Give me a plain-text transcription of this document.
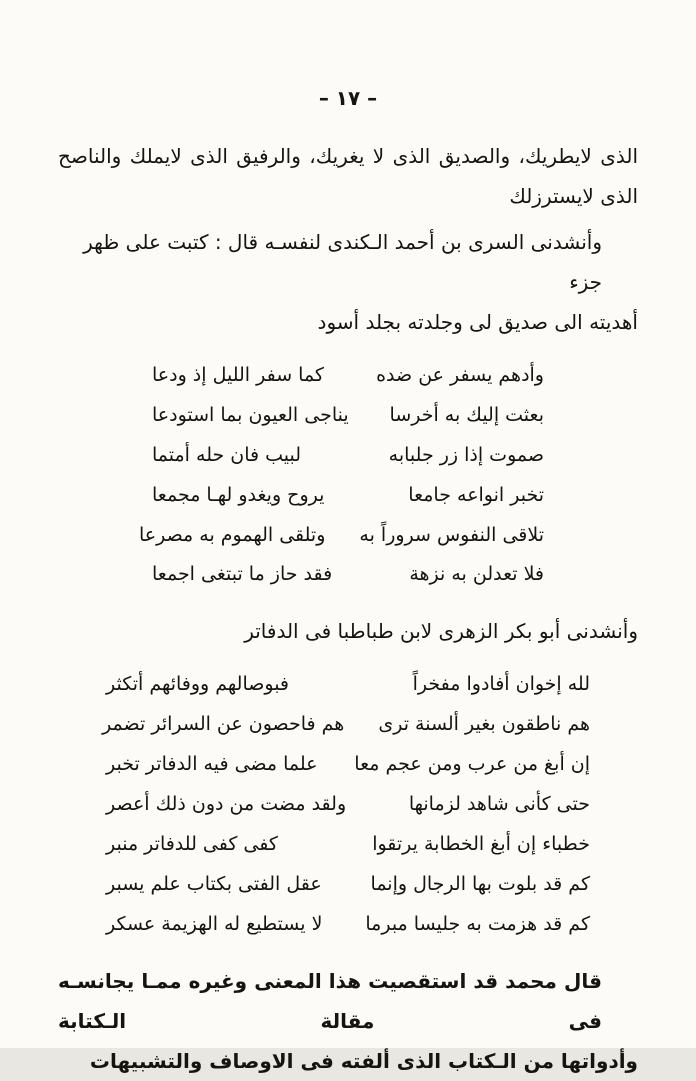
– ١٧ –
الذى لايطريك، والصديق الذى لا يغريك، والرفيق الذى لايملك والناصح
الذى لايسترزلك
وأنشدنى السرى بن أحمد الـكندى لنفسـه قال : كتبت على ظهر جزء
أهديته الى صديق لى وجلدته بجلد أسود
وأدهم يسفر عن ضده
كما سفر الليل إذ ودعا
بعثت إليك به أخرسا
يناجى العيون بما استودعا
صموت إذا زر جلبابه
لبيب فان حله أمتما
تخبر انواعه جامعا
يروح ويغدو لهـا مجمعا
تلاقى النفوس سروراً به
وتلقى الهموم به مصرعا
فلا تعدلن به نزهة
فقد حاز ما تبتغى اجمعا
وأنشدنى أبو بكر الزهرى لابن طباطبا فى الدفاتر
لله إخوان أفادوا مفخراً
فبوصالهم ووفائهم أتكثر
هم ناطقون بغير ألسنة ترى
هم فاحصون عن السرائر تضمر
إن أبغ من عرب ومن عجم معا
علما مضى فيه الدفاتر تخبر
حتى كأنى شاهد لزمانها
ولقد مضت من دون ذلك أعصر
خطباء إن أبغ الخطابة يرتقوا
كفى كفى للدفاتر منبر
كم قد بلوت بها الرجال وإنما
عقل الفتى بكتاب علم يسبر
كم قد هزمت به جليسا مبرما
لا يستطيع له الهزيمة عسكر
قال محمد قد استقصيت هذا المعنى وغيره ممـا يجانسـه فى مقالة الـكتابة
وأدواتها من الـكتاب الذى ألفته فى الاوصاف والتشبيهات
